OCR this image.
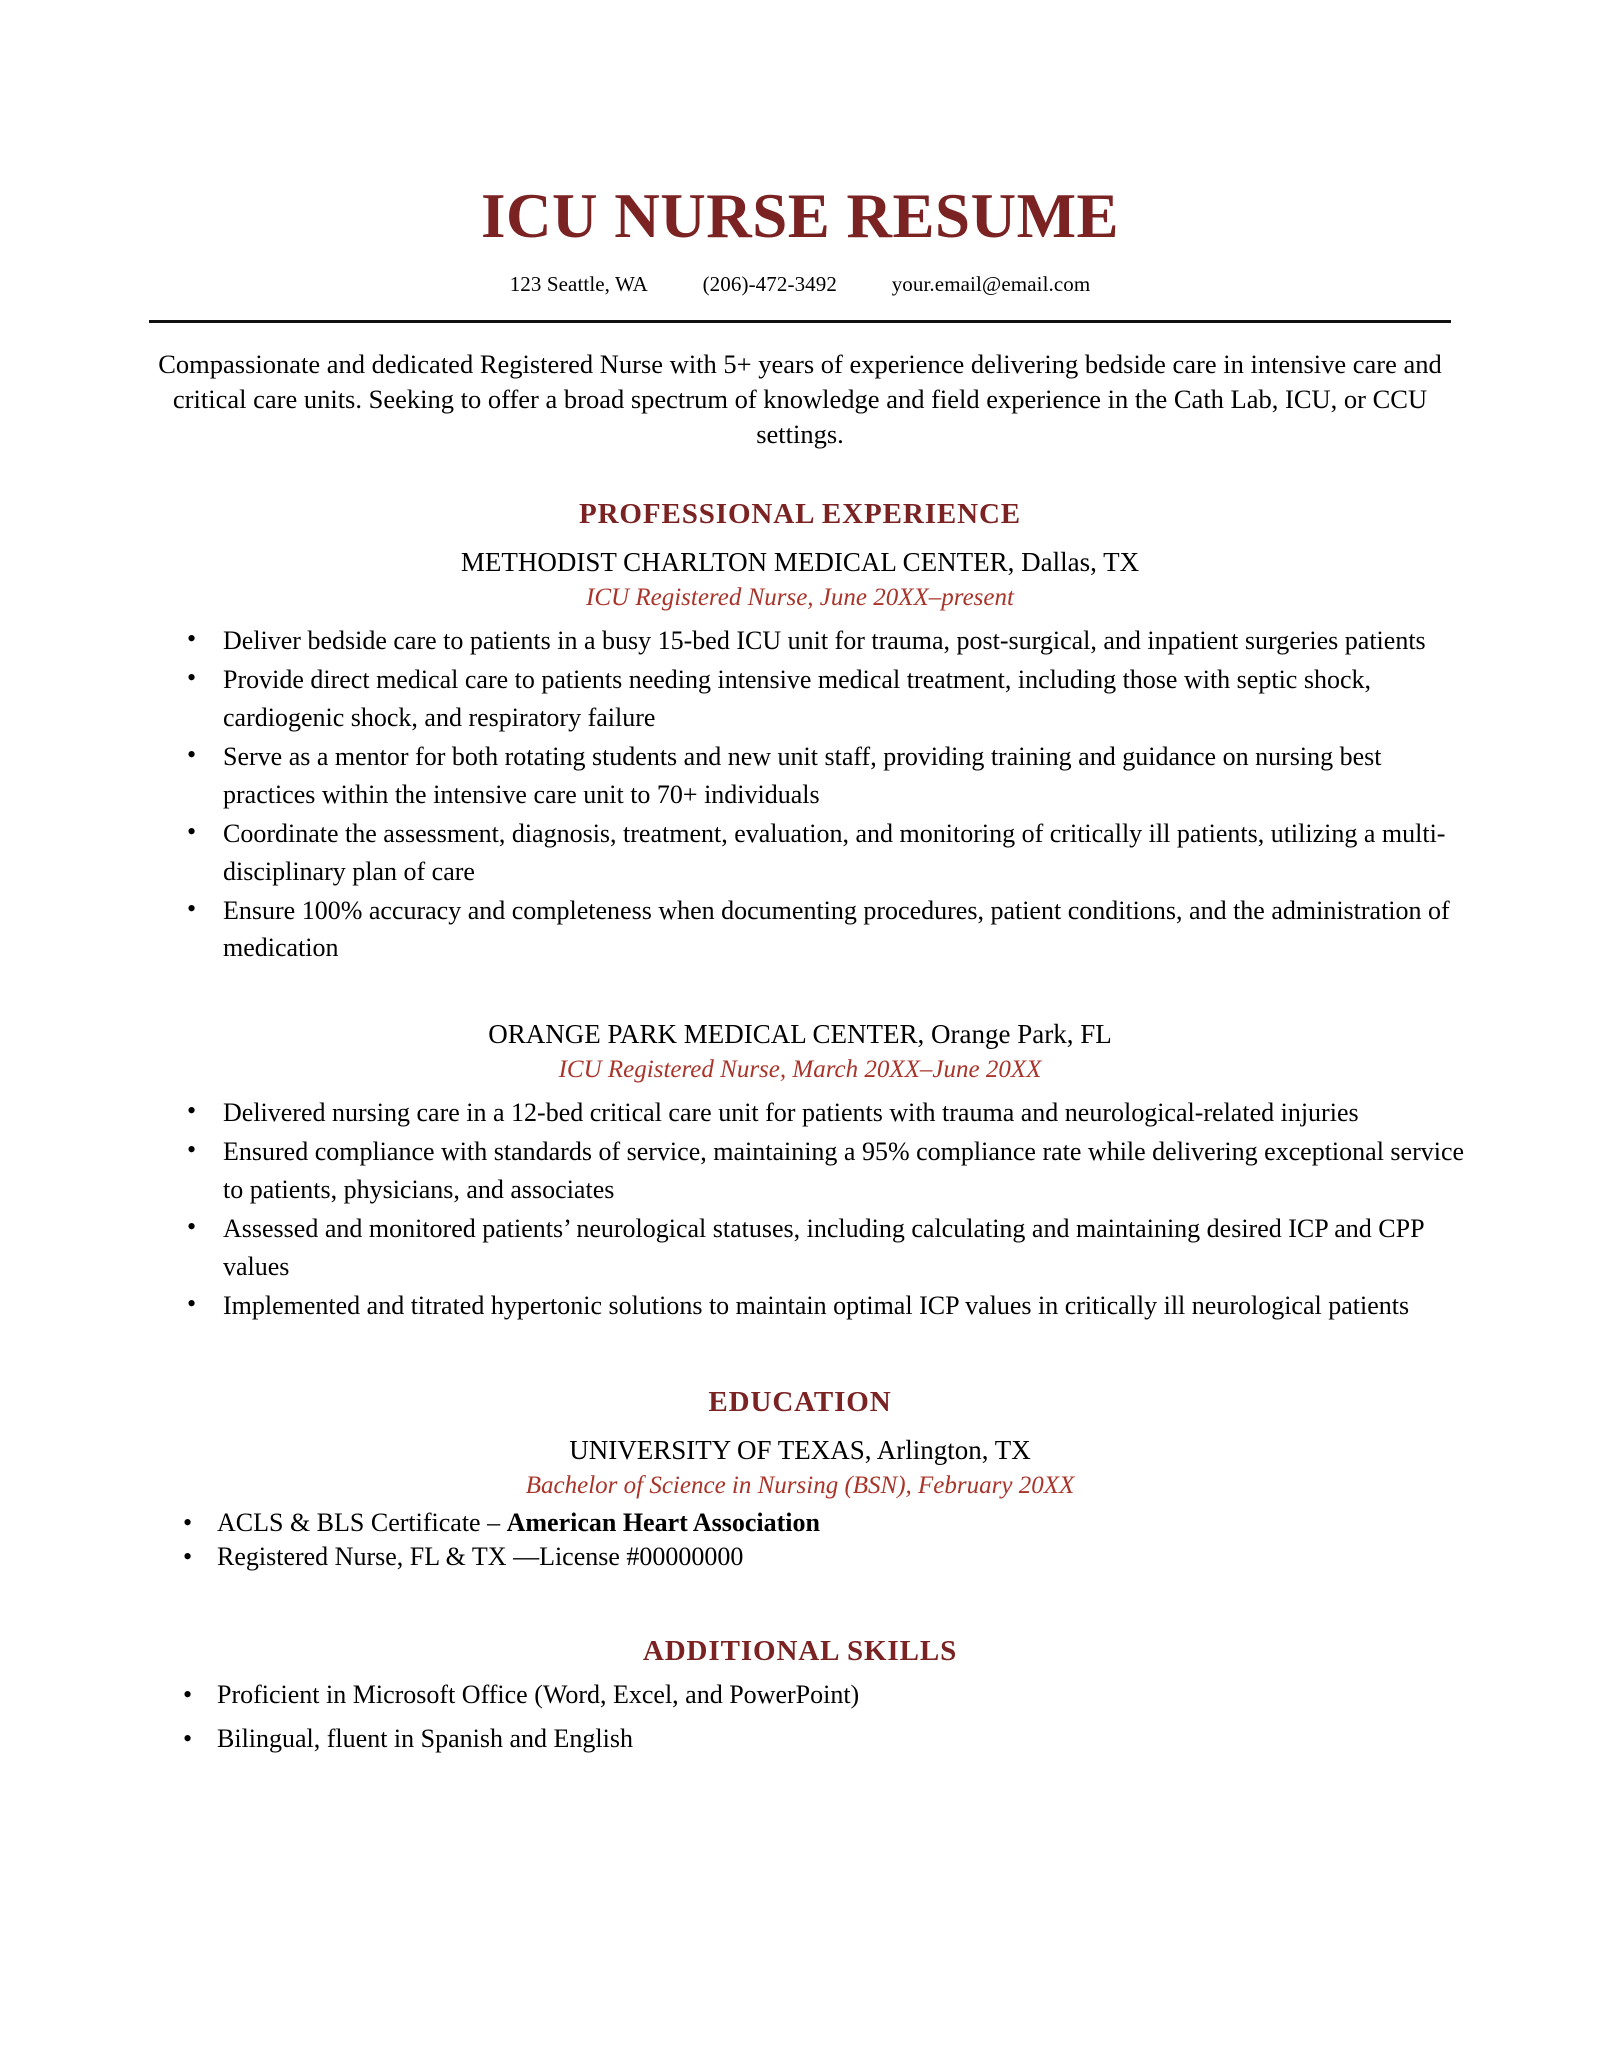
ICU NURSE RESUME
123 Seattle, WA	(206)-472-3492	your.email@email.com

Compassionate and dedicated Registered Nurse with 5+ years of experience delivering bedside care in intensive care and critical care units. Seeking to offer a broad spectrum of knowledge and field experience in the Cath Lab, ICU, or CCU settings.

PROFESSIONAL EXPERIENCE
METHODIST CHARLTON MEDICAL CENTER, Dallas, TX
ICU Registered Nurse, June 20XX–present
• Deliver bedside care to patients in a busy 15-bed ICU unit for trauma, post-surgical, and inpatient surgeries patients
• Provide direct medical care to patients needing intensive medical treatment, including those with septic shock, cardiogenic shock, and respiratory failure
• Serve as a mentor for both rotating students and new unit staff, providing training and guidance on nursing best practices within the intensive care unit to 70+ individuals
• Coordinate the assessment, diagnosis, treatment, evaluation, and monitoring of critically ill patients, utilizing a multi-disciplinary plan of care
• Ensure 100% accuracy and completeness when documenting procedures, patient conditions, and the administration of medication
ORANGE PARK MEDICAL CENTER, Orange Park, FL
ICU Registered Nurse, March 20XX–June 20XX
• Delivered nursing care in a 12-bed critical care unit for patients with trauma and neurological-related injuries
• Ensured compliance with standards of service, maintaining a 95% compliance rate while delivering exceptional service to patients, physicians, and associates
• Assessed and monitored patients’ neurological statuses, including calculating and maintaining desired ICP and CPP values
• Implemented and titrated hypertonic solutions to maintain optimal ICP values in critically ill neurological patients
EDUCATION
UNIVERSITY OF TEXAS, Arlington, TX
Bachelor of Science in Nursing (BSN), February 20XX
• ACLS & BLS Certificate – American Heart Association
• Registered Nurse, FL & TX —License #00000000
ADDITIONAL SKILLS
• Proficient in Microsoft Office (Word, Excel, and PowerPoint)
• Bilingual, fluent in Spanish and English
